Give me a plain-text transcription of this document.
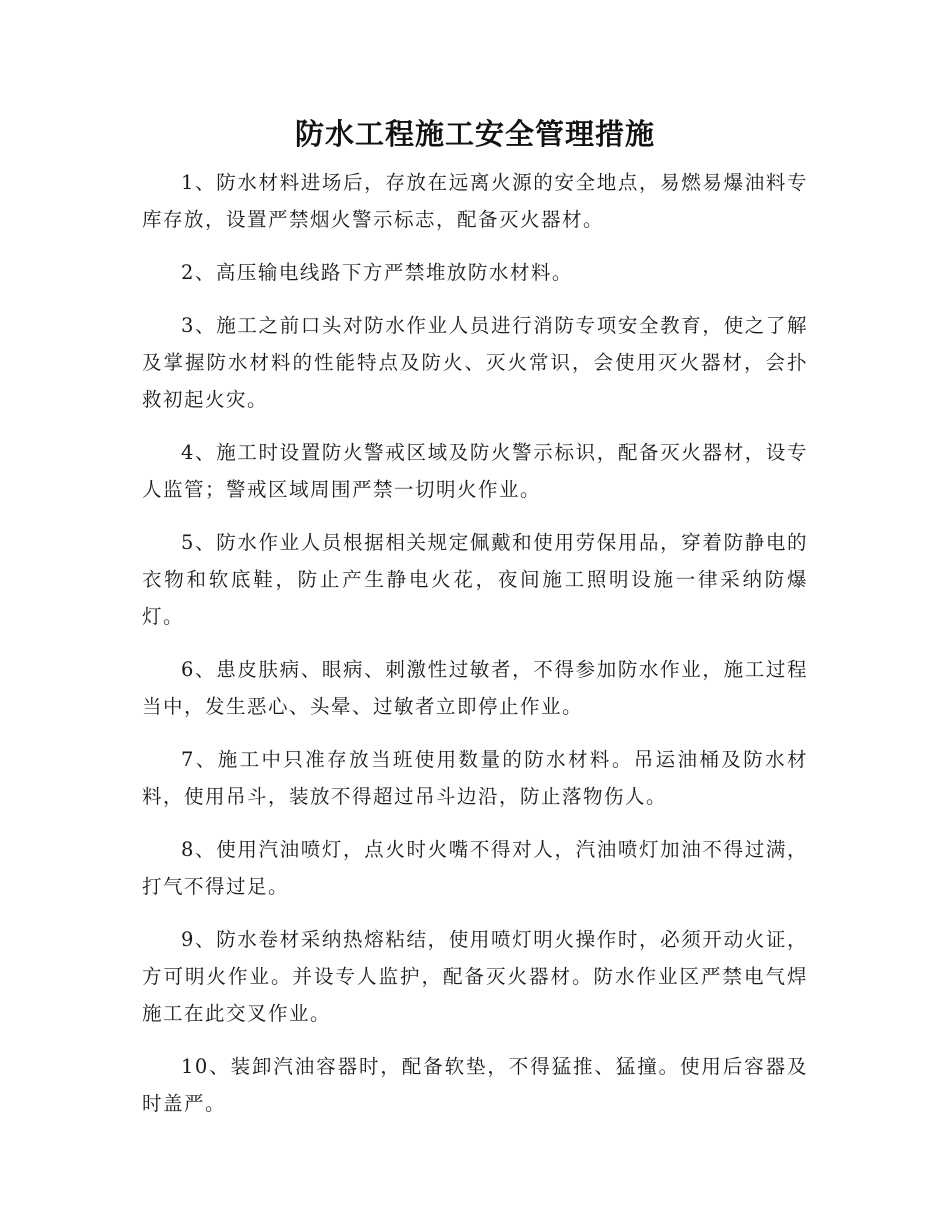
防水工程施工安全管理措施

1、防水材料进场后，存放在远离火源的安全地点，易燃易爆油料专库存放，设置严禁烟火警示标志，配备灭火器材。

2、高压输电线路下方严禁堆放防水材料。

3、施工之前口头对防水作业人员进行消防专项安全教育，使之了解及掌握防水材料的性能特点及防火、灭火常识，会使用灭火器材，会扑救初起火灾。

4、施工时设置防火警戒区域及防火警示标识，配备灭火器材，设专人监管；警戒区域周围严禁一切明火作业。

5、防水作业人员根据相关规定佩戴和使用劳保用品，穿着防静电的衣物和软底鞋，防止产生静电火花，夜间施工照明设施一律采纳防爆灯。

6、患皮肤病、眼病、刺激性过敏者，不得参加防水作业，施工过程当中，发生恶心、头晕、过敏者立即停止作业。

7、施工中只准存放当班使用数量的防水材料。吊运油桶及防水材料，使用吊斗，装放不得超过吊斗边沿，防止落物伤人。

8、使用汽油喷灯，点火时火嘴不得对人，汽油喷灯加油不得过满，打气不得过足。

9、防水卷材采纳热熔粘结，使用喷灯明火操作时，必须开动火证，方可明火作业。并设专人监护，配备灭火器材。防水作业区严禁电气焊施工在此交叉作业。

10、装卸汽油容器时，配备软垫，不得猛推、猛撞。使用后容器及时盖严。
